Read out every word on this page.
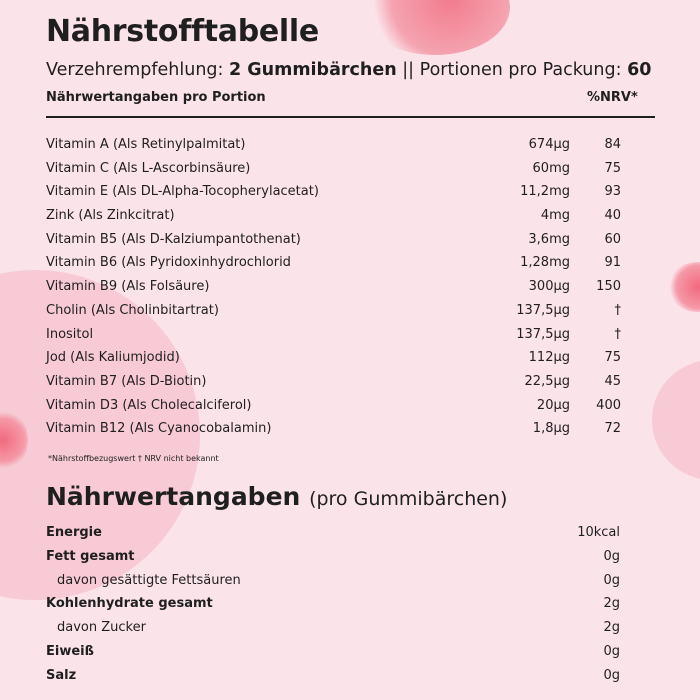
Nährstofftabelle
Verzehrempfehlung: 2 Gummibärchen || Portionen pro Packung: 60
Nährwertangaben pro Portion	%NRV*
Vitamin A (Als Retinylpalmitat)	674µg	84
Vitamin C (Als L-Ascorbinsäure)	60mg	75
Vitamin E (Als DL-Alpha-Tocopherylacetat)	11,2mg	93
Zink (Als Zinkcitrat)	4mg	40
Vitamin B5 (Als D-Kalziumpantothenat)	3,6mg	60
Vitamin B6 (Als Pyridoxinhydrochlorid	1,28mg	91
Vitamin B9 (Als Folsäure)	300µg 150
Cholin (Als Cholinbitartrat)	137,5µg	†
Inositol	137,5µg	†
Jod (Als Kaliumjodid)	112µg	75
Vitamin B7 (Als D-Biotin)	22,5µg	45
Vitamin D3 (Als Cholecalciferol)	20µg 400
Vitamin B12 (Als Cyanocobalamin)	1,8µg	72
*Nährstoffbezugswert † NRV nicht bekannt
Nährwertangaben (pro Gummibärchen)
Energie	10kcal
Fett gesamt	0g
davon gesättigte Fettsäuren	0g
Kohlenhydrate gesamt	2g
davon Zucker	2g
Eiweiß	0g
Salz	0g
